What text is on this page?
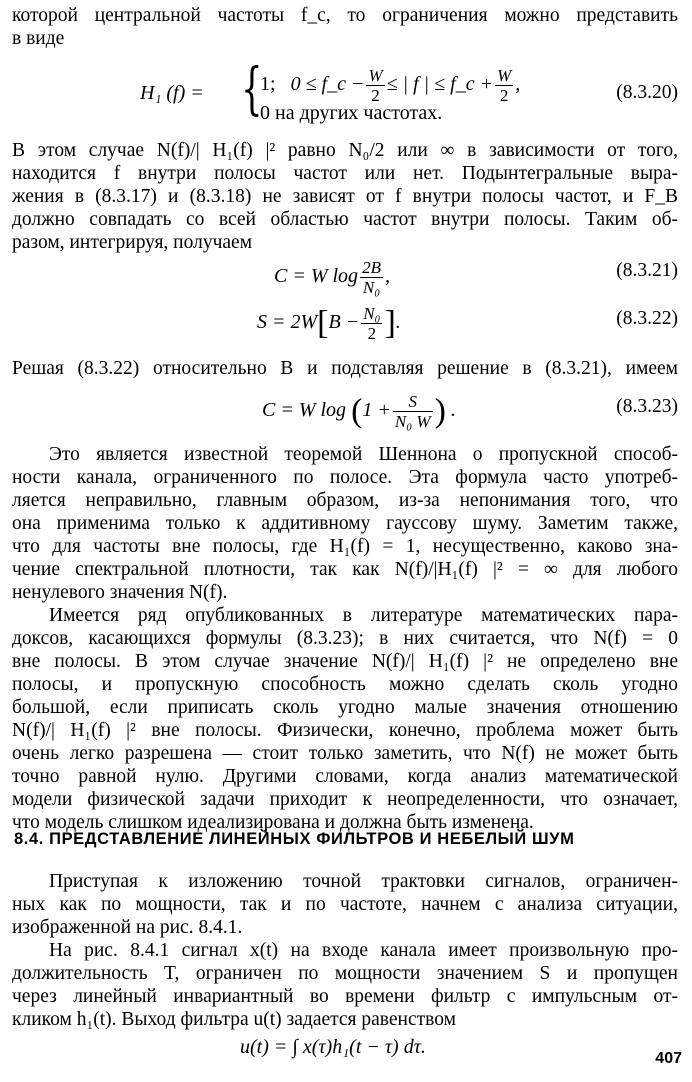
которой центральной частоты f_c, то ограничения можно представить
в виде
H₁ (f) = {
1; 0 ≤ f_c − $\frac{W}{2}$ ≤ | f | ≤ f_c + $\frac{W}{2}$ ,
0 на других частотах.
(8.3.20)
В этом случае N(f)/| H₁(f) |² равно N₀/2 или ∞ в зависимости от того,
находится f внутри полосы частот или нет. Подынтегральные выра-
жения в (8.3.17) и (8.3.18) не зависят от f внутри полосы частот, и F_B
должно совпадать со всей областью частот внутри полосы. Таким об-
разом, интегрируя, получаем
C = W $\log \frac{2B}{\text{N₀}}$ ,	(8.3.21)
$S = 2W[B - \frac{\text{N₀}}{2}$ ].	(8.3.22)
Решая (8.3.22) относительно B и подставляя решение в (8.3.21), имеем
C = W $\log (1 + \frac{S}{\text{N₀ W}}$ ) .	(8.3.23)
Это является известной теоремой Шеннона о пропускной способ-
ности канала, ограниченного по полосе. Эта формула часто употреб-
ляется неправильно, главным образом, из-за непонимания того, что
она применима только к аддитивному гауссову шуму. Заметим также,
что для частоты вне полосы, где H₁(f) = 1, несущественно, каково зна-
чение спектральной плотности, так как N(f)/|H₁(f) |² = ∞ для любого
ненулевого значения N(f).
Имеется ряд опубликованных в литературе математических пара-
доксов, касающихся формулы (8.3.23); в них считается, что N(f) = 0
вне полосы. В этом случае значение N(f)/| H₁(f) |² не определено вне
полосы, и пропускную способность можно сделать сколь угодно
большой, если приписать сколь угодно малые значения отношению
N(f)/| H₁(f) |² вне полосы. Физически, конечно, проблема может быть
очень легко разрешена — стоит только заметить, что N(f) не может быть
точно равной нулю. Другими словами, когда анализ математической
модели физической задачи приходит к неопределенности, что означает,
что модель слишком идеализирована и должна быть изменена.
8.4. ПРЕДСТАВЛЕНИЕ ЛИНЕЙНЫХ ФИЛЬТРОВ И НЕБЕЛЫЙ ШУМ
Приступая к изложению точной трактовки сигналов, ограничен-
ных как по мощности, так и по частоте, начнем с анализа ситуации,
изображенной на рис. 8.4.1.
На рис. 8.4.1 сигнал x(t) на входе канала имеет произвольную про-
должительность T, ограничен по мощности значением S и пропущен
через линейный инвариантный во времени фильтр с импульсным от-
кликом h₁(t). Выход фильтра u(t) задается равенством
u(t) = ∫ x(τ)h₁(t − τ) dτ.
407
